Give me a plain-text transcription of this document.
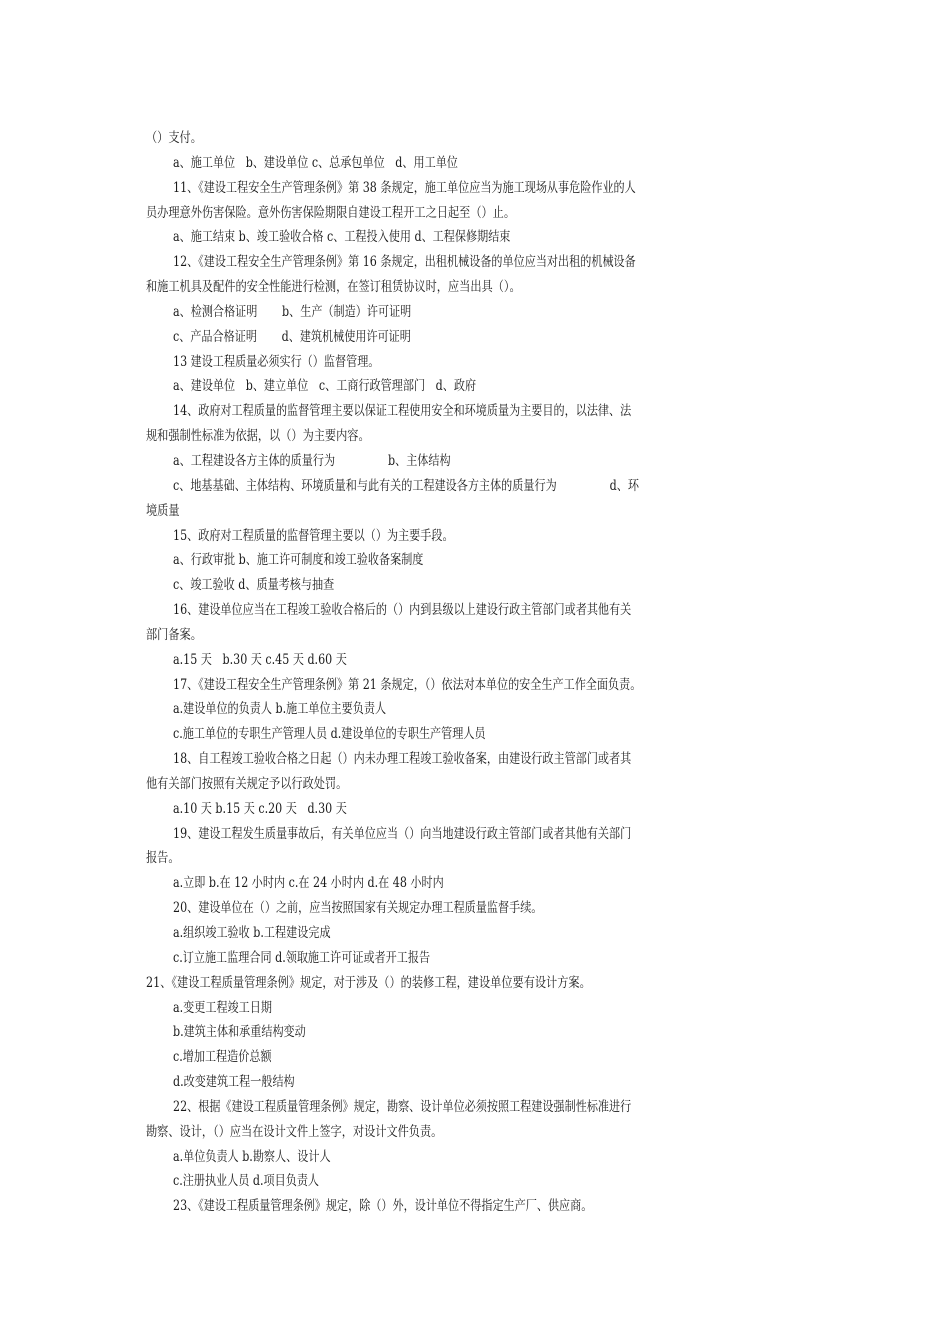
（）支付。
a、施工单位   b、建设单位 c、总承包单位   d、用工单位
11、《建设工程安全生产管理条例》第 38 条规定，施工单位应当为施工现场从事危险作业的人
员办理意外伤害保险。意外伤害保险期限自建设工程开工之日起至（）止。
a、施工结束 b、竣工验收合格 c、工程投入使用 d、工程保修期结束
12、《建设工程安全生产管理条例》第 16 条规定，出租机械设备的单位应当对出租的机械设备
和施工机具及配件的安全性能进行检测，在签订租赁协议时，应当出具（）。
a、检测合格证明       b、生产（制造）许可证明
c、产品合格证明       d、建筑机械使用许可证明
13 建设工程质量必须实行（）监督管理。
a、建设单位   b、建立单位   c、工商行政管理部门   d、政府
14、政府对工程质量的监督管理主要以保证工程使用安全和环境质量为主要目的，以法律、法
规和强制性标准为依据，以（）为主要内容。
a、工程建设各方主体的质量行为               b、主体结构
c、地基基础、主体结构、环境质量和与此有关的工程建设各方主体的质量行为               d、环
境质量
15、政府对工程质量的监督管理主要以（）为主要手段。
a、行政审批 b、施工许可制度和竣工验收备案制度
c、竣工验收 d、质量考核与抽查
16、建设单位应当在工程竣工验收合格后的（）内到县级以上建设行政主管部门或者其他有关
部门备案。
a.15 天   b.30 天 c.45 天 d.60 天
17、《建设工程安全生产管理条例》第 21 条规定，（）依法对本单位的安全生产工作全面负责。
a.建设单位的负责人 b.施工单位主要负责人
c.施工单位的专职生产管理人员 d.建设单位的专职生产管理人员
18、自工程竣工验收合格之日起（）内未办理工程竣工验收备案，由建设行政主管部门或者其
他有关部门按照有关规定予以行政处罚。
a.10 天 b.15 天 c.20 天   d.30 天
19、建设工程发生质量事故后，有关单位应当（）向当地建设行政主管部门或者其他有关部门
报告。
a.立即 b.在 12 小时内 c.在 24 小时内 d.在 48 小时内
20、建设单位在（）之前，应当按照国家有关规定办理工程质量监督手续。
a.组织竣工验收 b.工程建设完成
c.订立施工监理合同 d.领取施工许可证或者开工报告
21、《建设工程质量管理条例》规定，对于涉及（）的装修工程，建设单位要有设计方案。
a.变更工程竣工日期
b.建筑主体和承重结构变动
c.增加工程造价总额
d.改变建筑工程一般结构
22、根据《建设工程质量管理条例》规定，勘察、设计单位必须按照工程建设强制性标准进行
勘察、设计，（）应当在设计文件上签字，对设计文件负责。
a.单位负责人 b.勘察人、设计人
c.注册执业人员 d.项目负责人
23、《建设工程质量管理条例》规定，除（）外，设计单位不得指定生产厂、供应商。
